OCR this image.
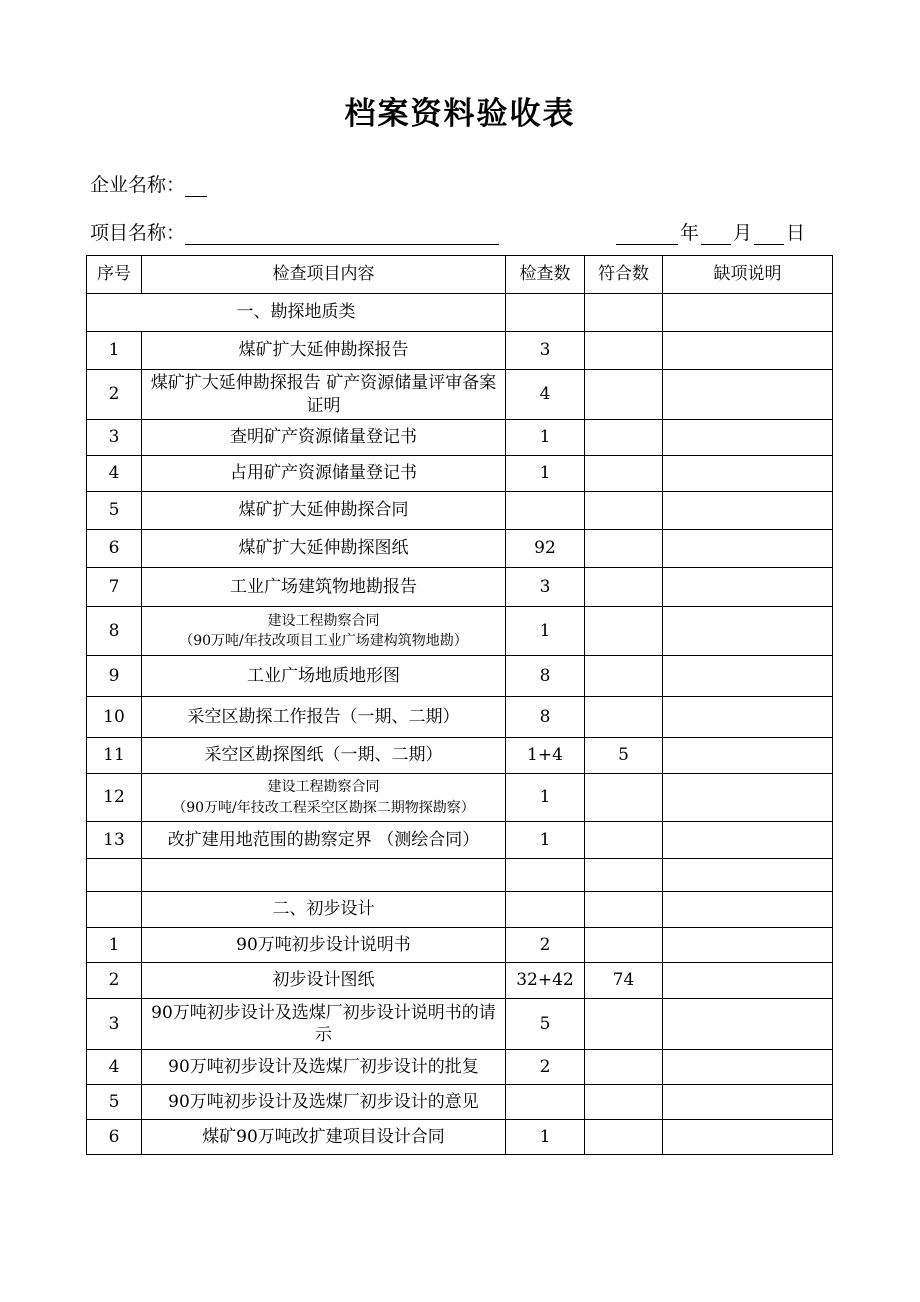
档案资料验收表
企业名称：
项目名称：	年 月 日
序号	检查项目内容	检查数	符合数	缺项说明
一、勘探地质类				
1	煤矿扩大延伸勘探报告	3		
2	煤矿扩大延伸勘探报告 矿产资源储量评审备案证明	4		
3	查明矿产资源储量登记书	1		
4	占用矿产资源储量登记书	1		
5	煤矿扩大延伸勘探合同			
6	煤矿扩大延伸勘探图纸	92		
7	工业广场建筑物地勘报告	3		
8	建设工程勘察合同
（90万吨/年技改项目工业广场建构筑物地勘）	1		
9	工业广场地质地形图	8		
10	采空区勘探工作报告（一期、二期）	8		
11	采空区勘探图纸（一期、二期）	1+4	5	
12	建设工程勘察合同
（90万吨/年技改工程采空区勘探二期物探勘察）	1		
13	改扩建用地范围的勘察定界 （测绘合同）	1		

	二、初步设计			
1	90万吨初步设计说明书	2		
2	初步设计图纸	32+42	74	
3	90万吨初步设计及选煤厂初步设计说明书的请示	5		
4	90万吨初步设计及选煤厂初步设计的批复	2		
5	90万吨初步设计及选煤厂初步设计的意见			
6	煤矿90万吨改扩建项目设计合同	1		
